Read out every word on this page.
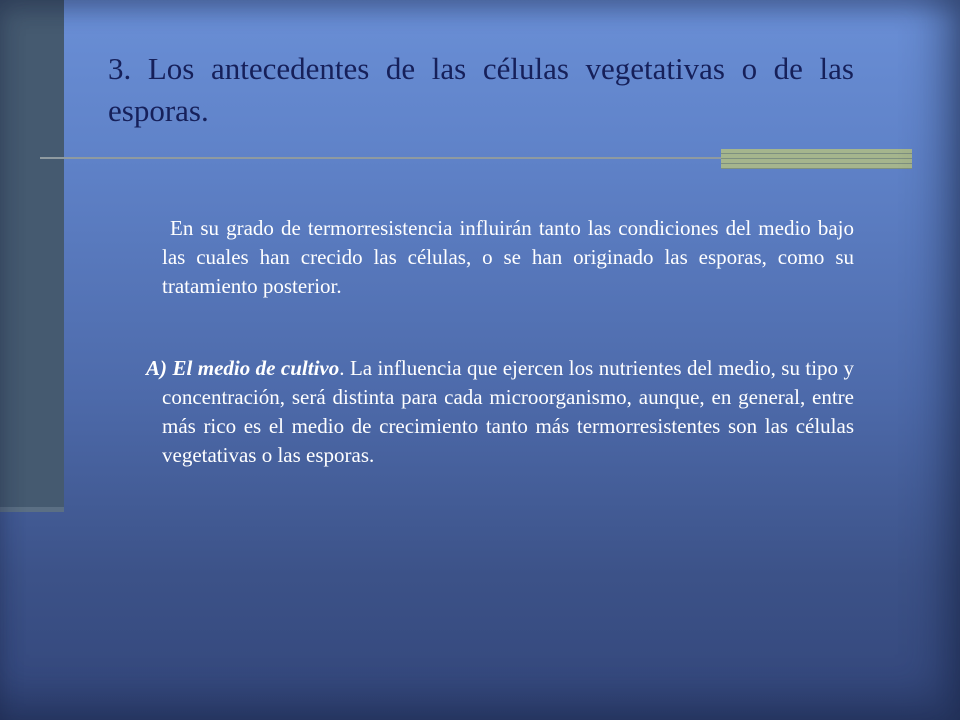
3. Los antecedentes de las células vegetativas o de las esporas.

En su grado de termorresistencia influirán tanto las condiciones del medio bajo las cuales han crecido las células, o se han originado las esporas, como su tratamiento posterior.

A) El medio de cultivo. La influencia que ejercen los nutrientes del medio, su tipo y concentración, será distinta para cada microorganismo, aunque, en general, entre más rico es el medio de crecimiento tanto más termorresistentes son las células vegetativas o las esporas.
